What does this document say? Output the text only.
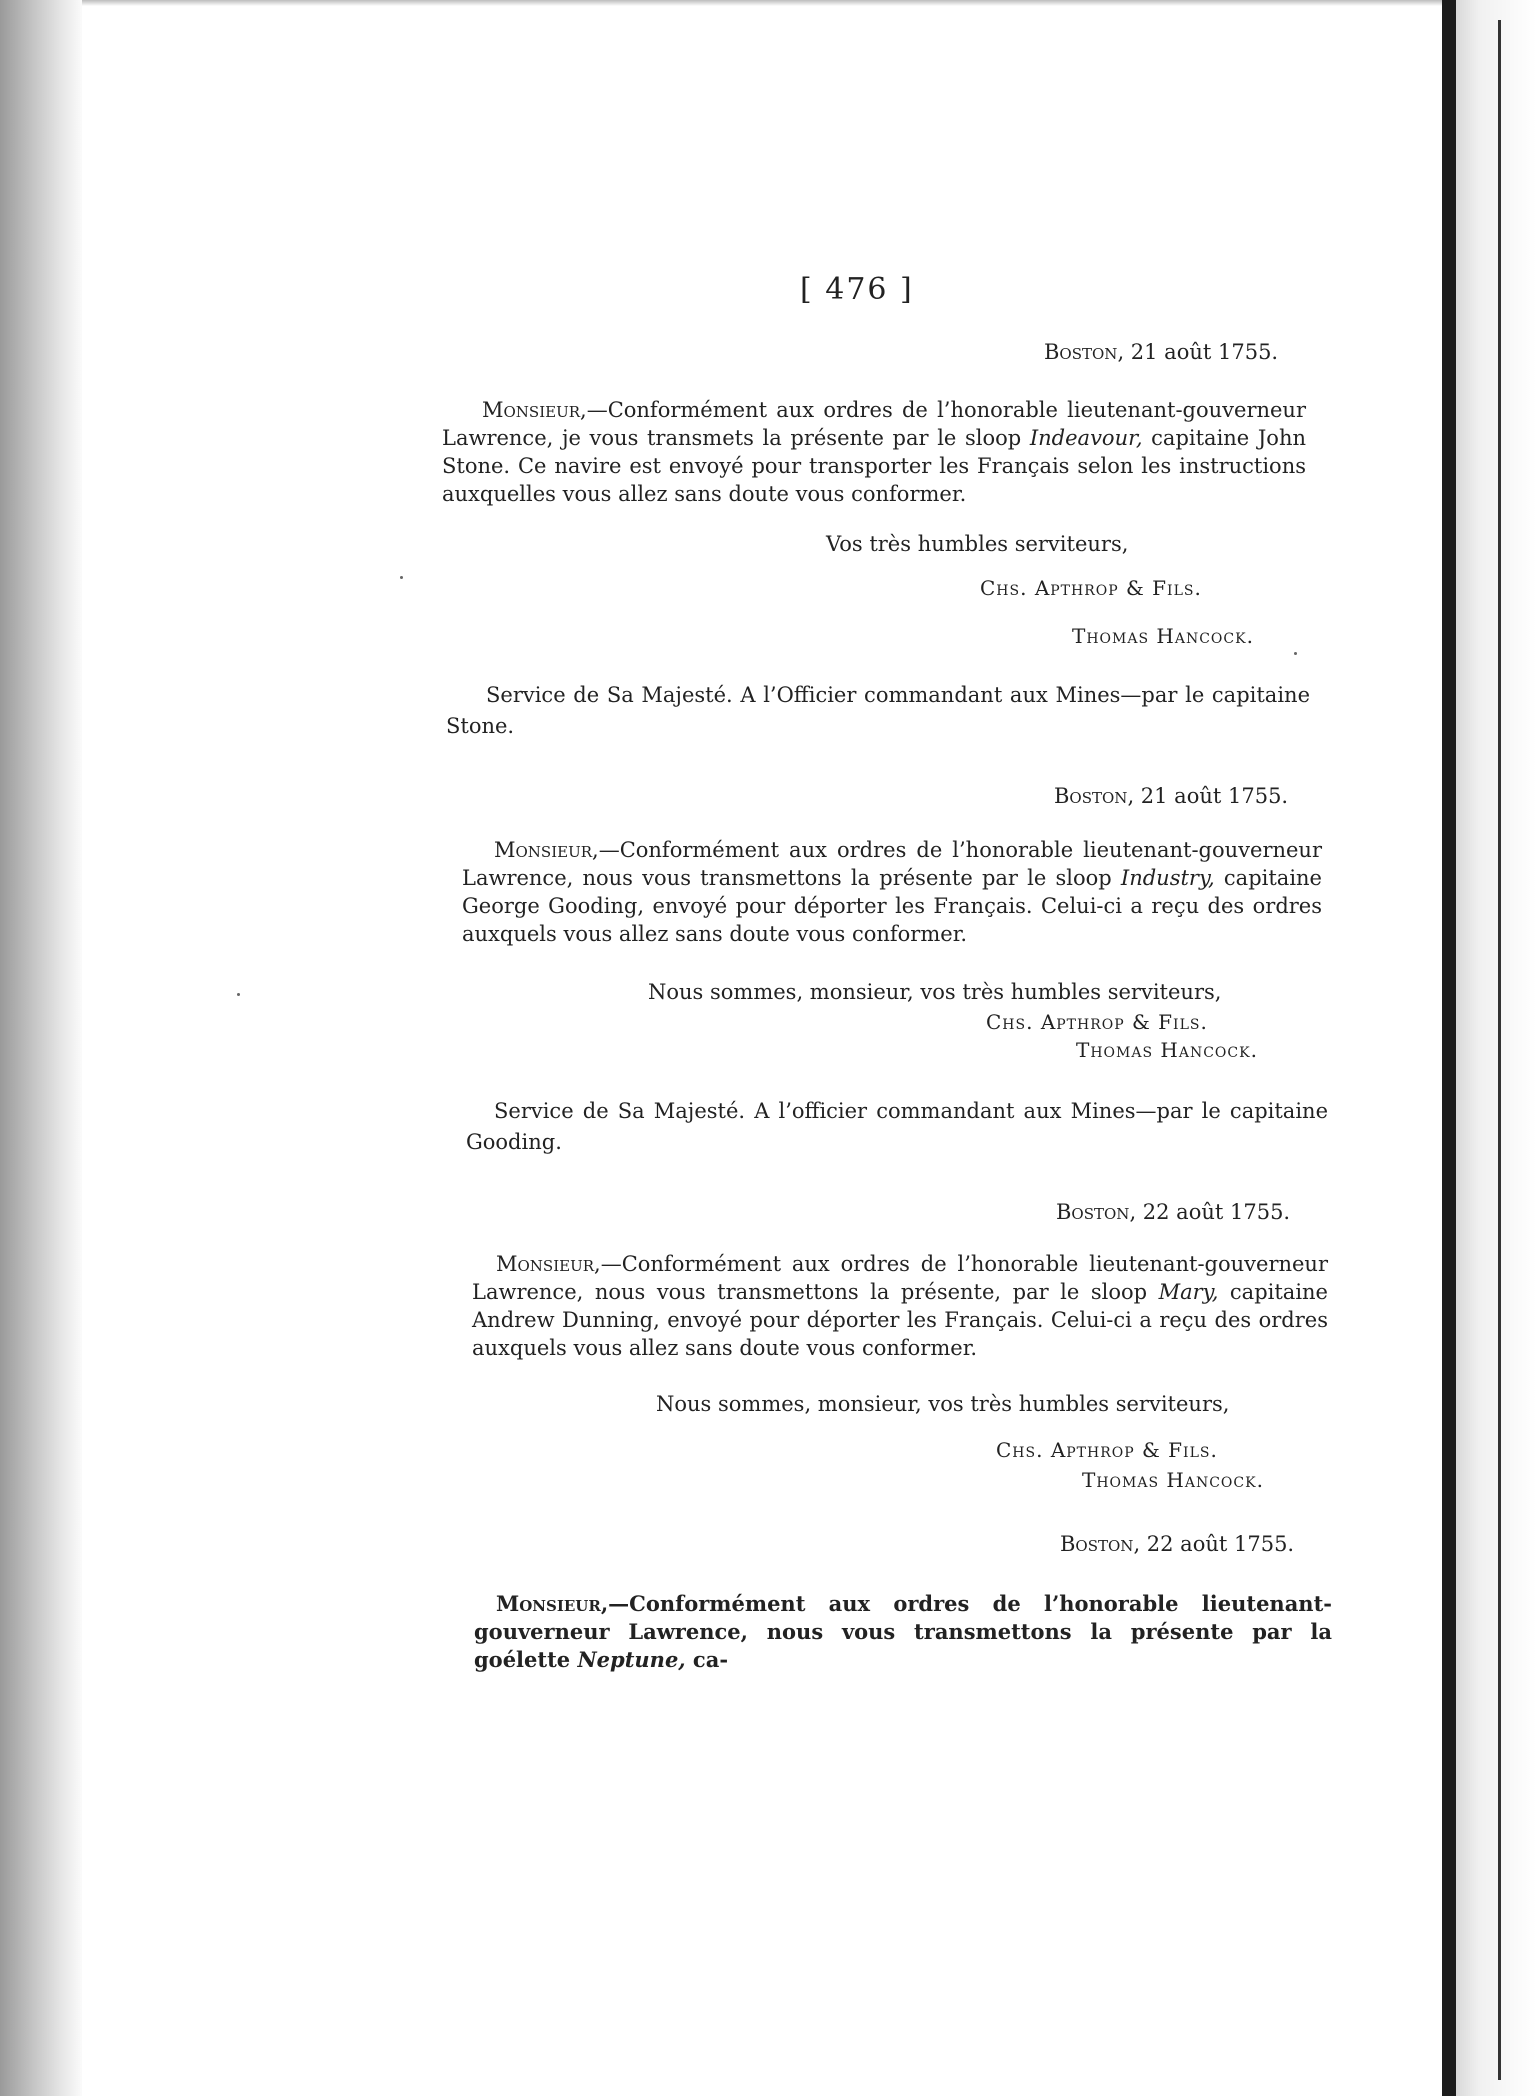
[ 476 ]
Boston, 21 août 1755.
Monsieur,—Conformément aux ordres de l’honorable lieutenant-gouverneur Lawrence, je vous transmets la présente par le sloop Indeavour, capitaine John Stone. Ce navire est envoyé pour transporter les Français selon les instructions auxquelles vous allez sans doute vous conformer.
Vos très humbles serviteurs,
Chs. Apthrop & Fils.
Thomas Hancock.
Service de Sa Majesté. A l’Officier commandant aux Mines—par le capitaine Stone.
Boston, 21 août 1755.
Monsieur,—Conformément aux ordres de l’honorable lieutenant-gouverneur Lawrence, nous vous transmettons la présente par le sloop Industry, capitaine George Gooding, envoyé pour déporter les Français. Celui-ci a reçu des ordres auxquels vous allez sans doute vous conformer.
Nous sommes, monsieur, vos très humbles serviteurs,
Chs. Apthrop & Fils.
Thomas Hancock.
Service de Sa Majesté. A l’officier commandant aux Mines—par le capitaine Gooding.
Boston, 22 août 1755.
Monsieur,—Conformément aux ordres de l’honorable lieutenant-gouverneur Lawrence, nous vous transmettons la présente, par le sloop Mary, capitaine Andrew Dunning, envoyé pour déporter les Français. Celui-ci a reçu des ordres auxquels vous allez sans doute vous conformer.
Nous sommes, monsieur, vos très humbles serviteurs,
Chs. Apthrop & Fils.
Thomas Hancock.
Boston, 22 août 1755.
Monsieur,—Conformément aux ordres de l’honorable lieutenant-gouverneur Lawrence, nous vous transmettons la présente par la goélette Neptune, ca-
